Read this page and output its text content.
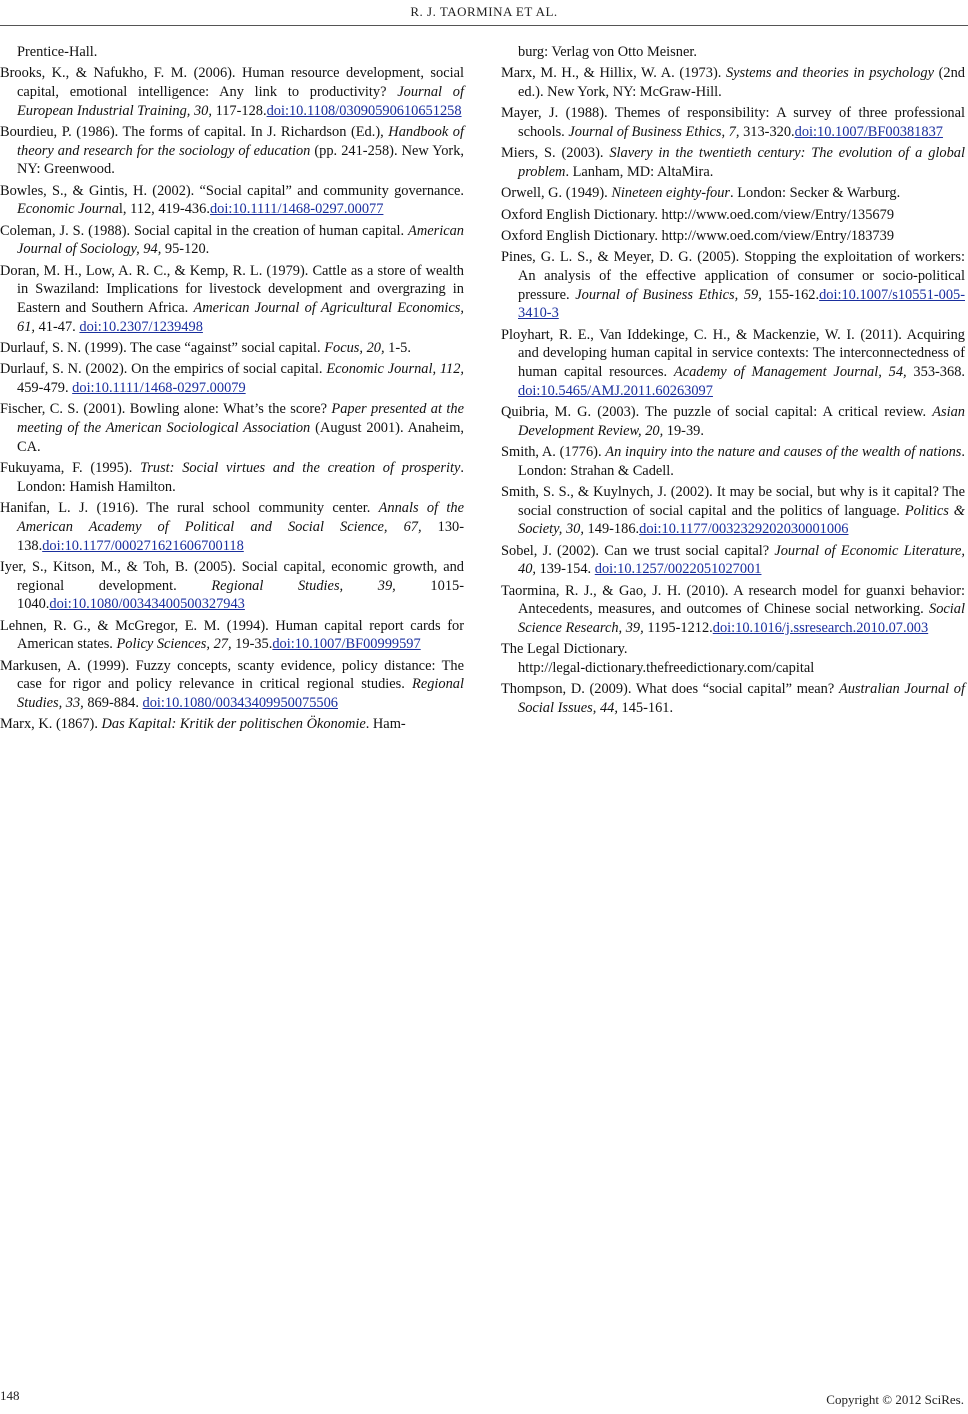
R. J. TAORMINA ET AL.
Prentice-Hall.
Brooks, K., & Nafukho, F. M. (2006). Human resource development, social capital, emotional intelligence: Any link to productivity? Journal of European Industrial Training, 30, 117-128.doi:10.1108/03090590610651258
Bourdieu, P. (1986). The forms of capital. In J. Richardson (Ed.), Handbook of theory and research for the sociology of education (pp. 241-258). New York, NY: Greenwood.
Bowles, S., & Gintis, H. (2002). “Social capital” and community governance. Economic Journal, 112, 419-436.doi:10.1111/1468-0297.00077
Coleman, J. S. (1988). Social capital in the creation of human capital. American Journal of Sociology, 94, 95-120.
Doran, M. H., Low, A. R. C., & Kemp, R. L. (1979). Cattle as a store of wealth in Swaziland: Implications for livestock development and overgrazing in Eastern and Southern Africa. American Journal of Agricultural Economics, 61, 41-47. doi:10.2307/1239498
Durlauf, S. N. (1999). The case “against” social capital. Focus, 20, 1-5.
Durlauf, S. N. (2002). On the empirics of social capital. Economic Journal, 112, 459-479. doi:10.1111/1468-0297.00079
Fischer, C. S. (2001). Bowling alone: What’s the score? Paper presented at the meeting of the American Sociological Association (August 2001). Anaheim, CA.
Fukuyama, F. (1995). Trust: Social virtues and the creation of prosperity. London: Hamish Hamilton.
Hanifan, L. J. (1916). The rural school community center. Annals of the American Academy of Political and Social Science, 67, 130-138.doi:10.1177/000271621606700118
Iyer, S., Kitson, M., & Toh, B. (2005). Social capital, economic growth, and regional development. Regional Studies, 39, 1015-1040.doi:10.1080/00343400500327943
Lehnen, R. G., & McGregor, E. M. (1994). Human capital report cards for American states. Policy Sciences, 27, 19-35.doi:10.1007/BF00999597
Markusen, A. (1999). Fuzzy concepts, scanty evidence, policy distance: The case for rigor and policy relevance in critical regional studies. Regional Studies, 33, 869-884. doi:10.1080/00343409950075506
Marx, K. (1867). Das Kapital: Kritik der politischen Ökonomie. Ham-
burg: Verlag von Otto Meisner.
Marx, M. H., & Hillix, W. A. (1973). Systems and theories in psychology (2nd ed.). New York, NY: McGraw-Hill.
Mayer, J. (1988). Themes of responsibility: A survey of three professional schools. Journal of Business Ethics, 7, 313-320.doi:10.1007/BF00381837
Miers, S. (2003). Slavery in the twentieth century: The evolution of a global problem. Lanham, MD: AltaMira.
Orwell, G. (1949). Nineteen eighty-four. London: Secker & Warburg.
Oxford English Dictionary. http://www.oed.com/view/Entry/135679
Oxford English Dictionary. http://www.oed.com/view/Entry/183739
Pines, G. L. S., & Meyer, D. G. (2005). Stopping the exploitation of workers: An analysis of the effective application of consumer or socio-political pressure. Journal of Business Ethics, 59, 155-162.doi:10.1007/s10551-005-3410-3
Ployhart, R. E., Van Iddekinge, C. H., & Mackenzie, W. I. (2011). Acquiring and developing human capital in service contexts: The interconnectedness of human capital resources. Academy of Management Journal, 54, 353-368. doi:10.5465/AMJ.2011.60263097
Quibria, M. G. (2003). The puzzle of social capital: A critical review. Asian Development Review, 20, 19-39.
Smith, A. (1776). An inquiry into the nature and causes of the wealth of nations. London: Strahan & Cadell.
Smith, S. S., & Kuylnych, J. (2002). It may be social, but why is it capital? The social construction of social capital and the politics of language. Politics & Society, 30, 149-186.doi:10.1177/0032329202030001006
Sobel, J. (2002). Can we trust social capital? Journal of Economic Literature, 40, 139-154. doi:10.1257/0022051027001
Taormina, R. J., & Gao, J. H. (2010). A research model for guanxi behavior: Antecedents, measures, and outcomes of Chinese social networking. Social Science Research, 39, 1195-1212.doi:10.1016/j.ssresearch.2010.07.003
The Legal Dictionary.
http://legal-dictionary.thefreedictionary.com/capital
Thompson, D. (2009). What does “social capital” mean? Australian Journal of Social Issues, 44, 145-161.
148	Copyright © 2012 SciRes.
